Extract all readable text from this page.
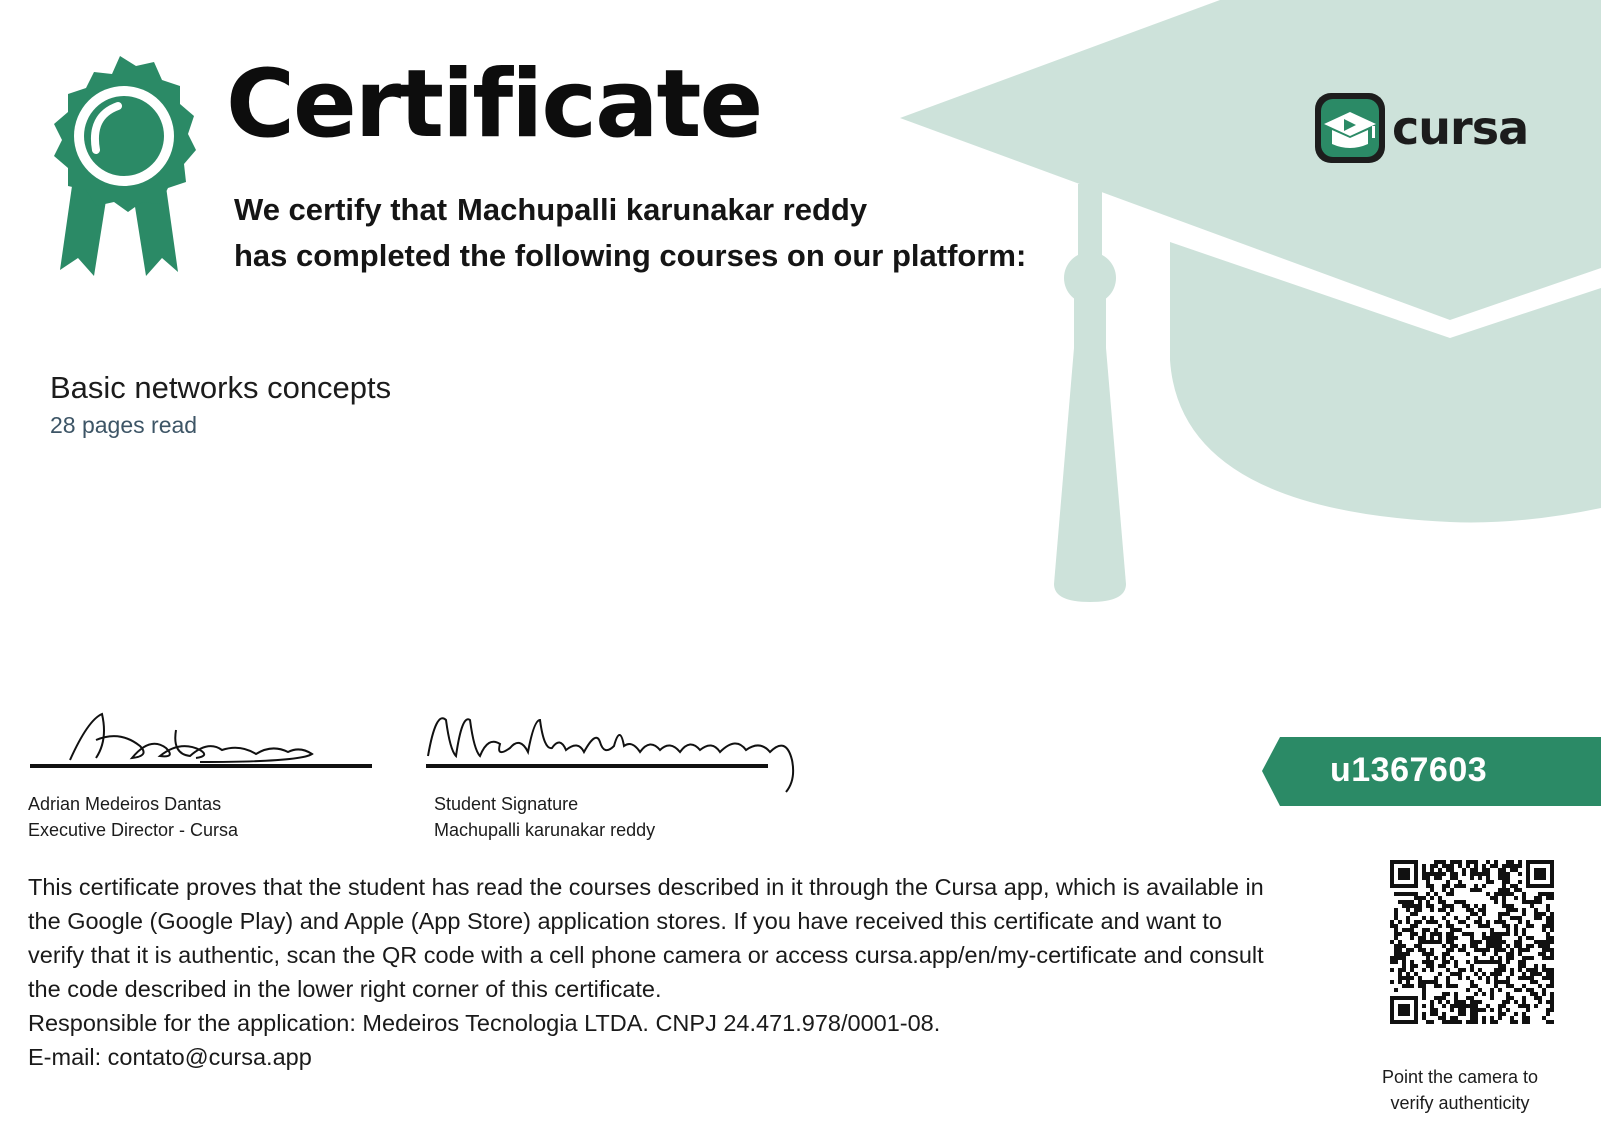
Certificate
We certify that Machupalli karunakar reddy
has completed the following courses on our platform:
cursa
Basic networks concepts
28 pages read
Adrian Medeiros Dantas
Executive Director - Cursa
Student Signature
Machupalli karunakar reddy
u1367603

This certificate proves that the student has read the courses described in it through the Cursa app, which is available in

the Google (Google Play) and Apple (App Store) application stores. If you have received this certificate and want to

verify that it is authentic, scan the QR code with a cell phone camera or access cursa.app/en/my-certificate and consult

the code described in the lower right corner of this certificate.

Responsible for the application: Medeiros Tecnologia LTDA. CNPJ 24.471.978/0001-08.

E-mail: contato@cursa.app

Point the camera to
verify authenticity
